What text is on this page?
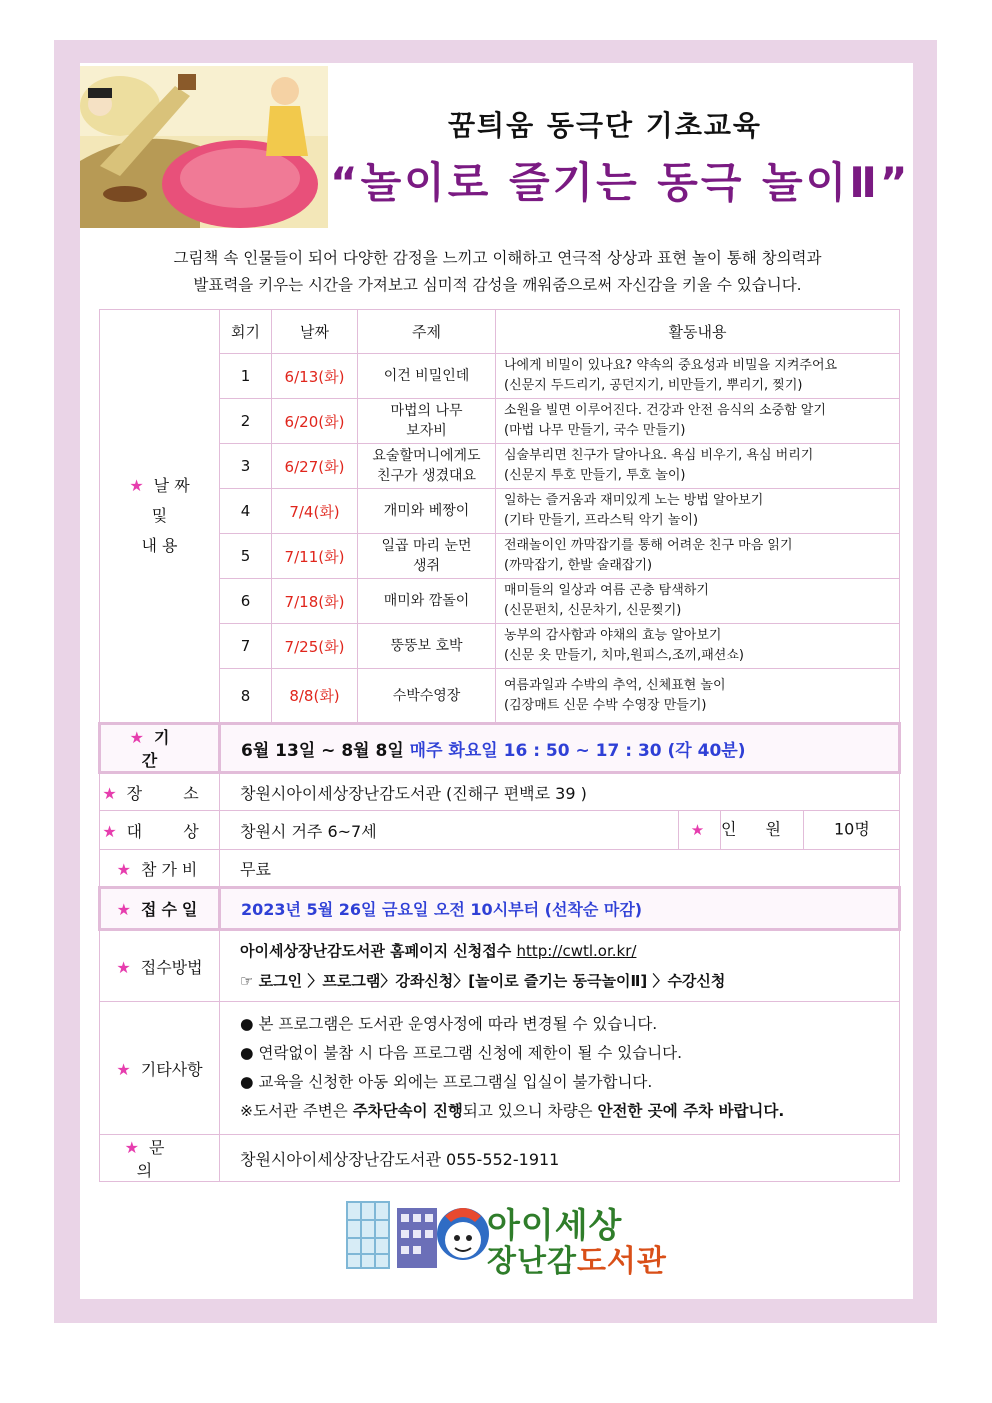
꿈틔움 동극단 기초교육
“놀이로 즐기는 동극 놀이Ⅱ”
그림책 속 인물들이 되어 다양한 감정을 느끼고 이해하고 연극적 상상과 표현 놀이 통해 창의력과
발표력을 키우는 시간을 가져보고 심미적 감성을 깨워줌으로써 자신감을 키울 수 있습니다.
★ 날 짜
및
내 용	회기	날짜	주제	활동내용		
	1	6/13(화)	이건 비밀인데	나에게 비밀이 있나요? 약속의 중요성과 비밀을 지켜주어요
(신문지 두드리기, 공던지기, 비만들기, 뿌리기, 찢기)		

	2	6/20(화)	마법의 나무 보자비	소원을 빌면 이루어진다. 건강과 안전 음식의 소중함 알기
(마법 나무 만들기, 국수 만들기)		

	3	6/27(화)	요술할머니에게도 친구가 생겼대요	심술부리면 친구가 달아나요. 욕심 비우기, 욕심 버리기
(신문지 투호 만들기, 투호 놀이)		

	4	7/4(화)	개미와 베짱이	일하는 즐거움과 재미있게 노는 방법 알아보기
(기타 만들기, 프라스틱 악기 놀이)		

	5	7/11(화)	일곱 마리 눈먼 생쥐	전래놀이인 까막잡기를 통해 어려운 친구 마음 읽기
(까막잡기, 한발 술래잡기)		

	6	7/18(화)	매미와 깜돌이	매미들의 일상과 여름 곤충 탐색하기
(신문펀치, 신문차기, 신문찢기)		

	7	7/25(화)	뚱뚱보 호박	농부의 감사함과 야채의 효능 알아보기
(신문 옷 만들기, 치마,원피스,조끼,패션쇼)		

	8	8/8(화)	수박수영장	여름과일과 수박의 추억, 신체표현 놀이
(김장매트 신문 수박 수영장 만들기)		

★ 기 간	6월 13일 ~ 8월 8일 매주 화요일 16 : 50 ~ 17 : 30 (각 40분)					
★ 장 소	창원시아이세상장난감도서관 (진해구 편백로 39 )					
★ 대 상	창원시 거주 6~7세				★	인 원 10명
★ 참가비	무료					
★ 접수일	2023년 5월 26일 금요일 오전 10시부터 (선착순 마감)					
★ 접수방법	아이세상장난감도서관 홈페이지 신청접수 http://cwtl.or.kr/
☞ 로그인 〉프로그램〉강좌신청〉[놀이로 즐기는 동극놀이Ⅱ] 〉수강신청					

★ 기타사항	● 본 프로그램은 도서관 운영사정에 따라 변경될 수 있습니다.
● 연락없이 불참 시 다음 프로그램 신청에 제한이 될 수 있습니다.
● 교육을 신청한 아동 외에는 프로그램실 입실이 불가합니다.
※도서관 주변은 주차단속이 진행되고 있으니 차량은 안전한 곳에 주차 바랍니다.					

★ 문 의	창원시아이세상장난감도서관 055-552-1911					
아이세상
장난감도서관
